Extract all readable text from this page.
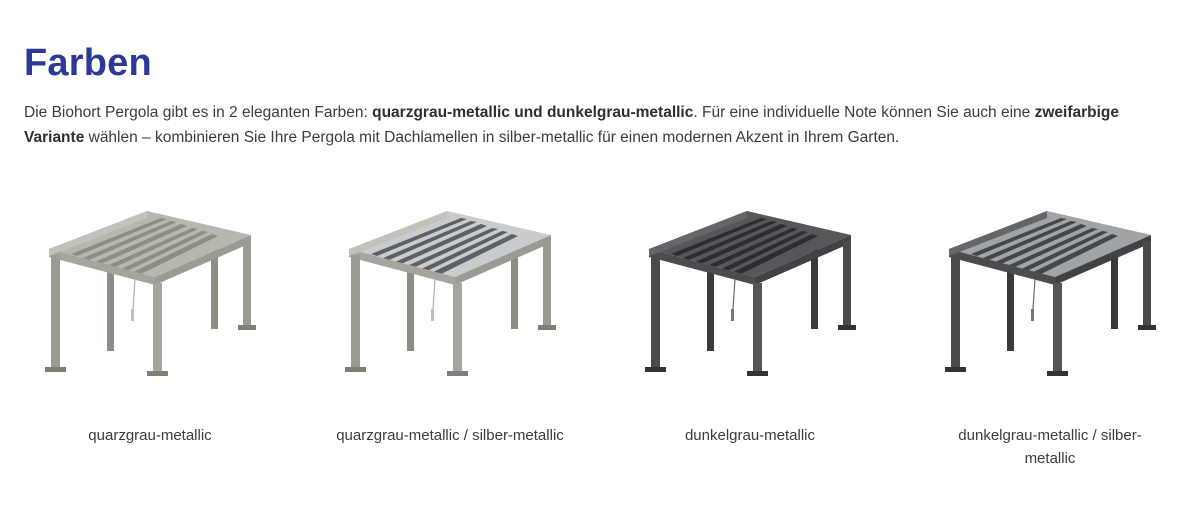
Farben

Die Biohort Pergola gibt es in 2 eleganten Farben: quarzgrau-metallic und dunkelgrau-metallic. Für eine individuelle Note können Sie auch eine zweifarbige Variante wählen – kombinieren Sie Ihre Pergola mit Dachlamellen in silber-metallic für einen modernen Akzent in Ihrem Garten.

quarzgrau-metallic	quarzgrau-metallic / silber-metallic	dunkelgrau-metallic	dunkelgrau-metallic / silber-metallic
